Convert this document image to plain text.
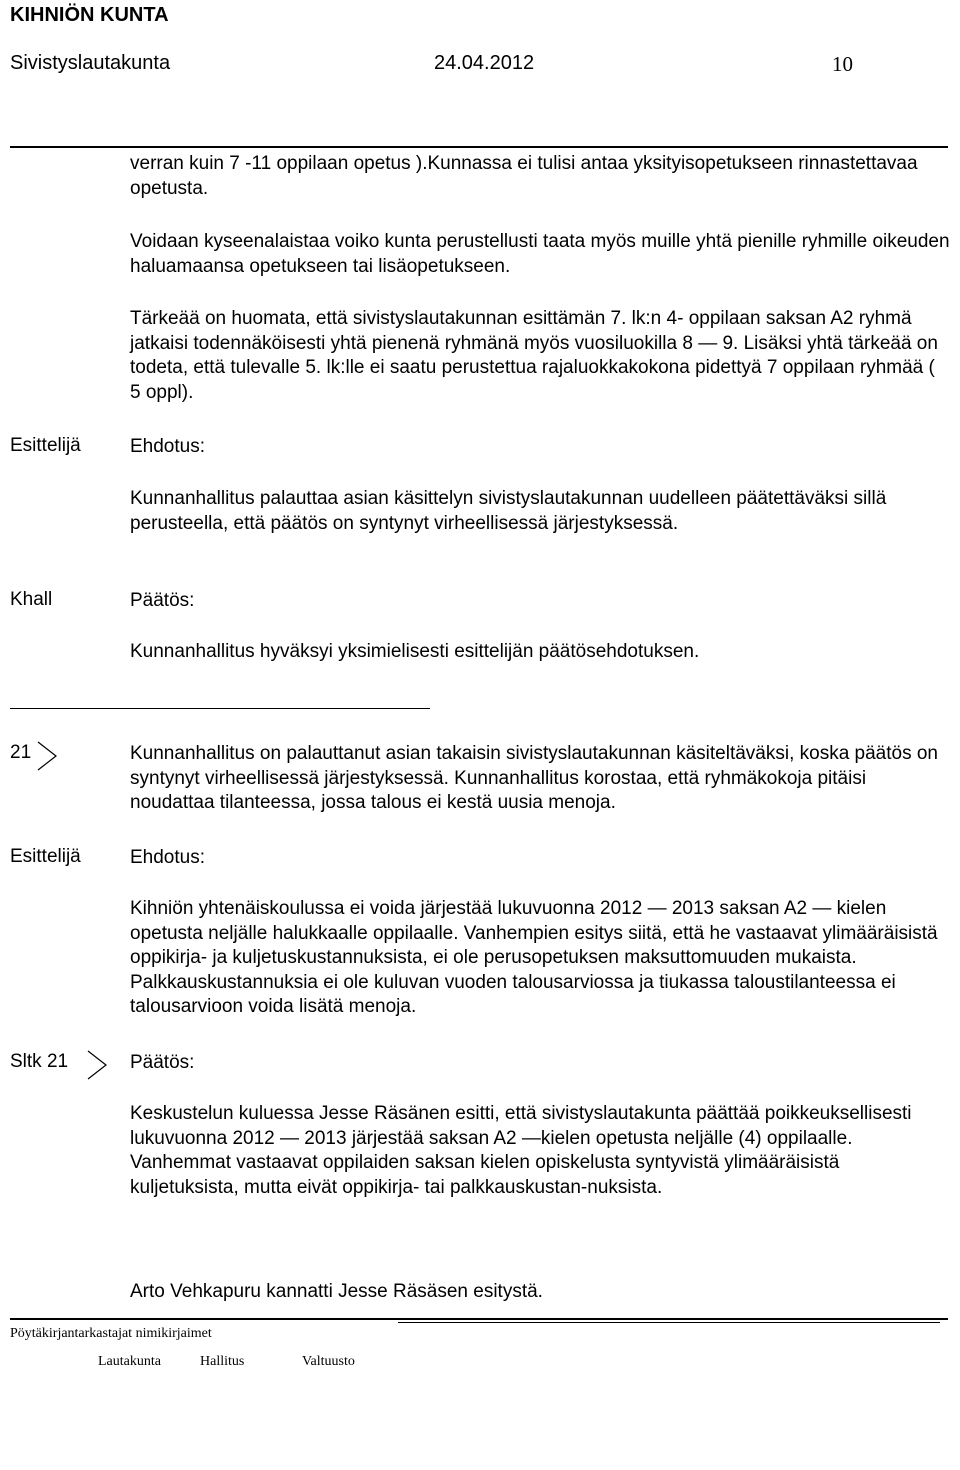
KIHNIÖN KUNTA
Sivistyslautakunta	24.04.2012	10
verran kuin 7 -11 oppilaan opetus ).Kunnassa ei tulisi antaa yksityisopetukseen rinnastettavaa opetusta.
Voidaan kyseenalaistaa voiko kunta perustellusti taata myös muille yhtä pienille ryhmille oikeuden haluamaansa opetukseen tai lisäopetukseen.
Tärkeää on huomata, että sivistyslautakunnan esittämän 7. lk:n 4- oppilaan saksan A2 ryhmä jatkaisi todennäköisesti yhtä pienenä ryhmänä myös vuosiluokilla 8 — 9. Lisäksi yhtä tärkeää on todeta, että tulevalle 5. lk:lle ei saatu perustettua rajaluokkakokona pidettyä 7 oppilaan ryhmää ( 5 oppl).
Esittelijä	Ehdotus:
Kunnanhallitus palauttaa asian käsittelyn sivistyslautakunnan uudelleen päätettäväksi sillä perusteella, että päätös on syntynyt virheellisessä järjestyksessä.
Khall	Päätös:
Kunnanhallitus hyväksyi yksimielisesti esittelijän päätösehdotuksen.
21	Kunnanhallitus on palauttanut asian takaisin sivistyslautakunnan käsiteltäväksi, koska päätös on syntynyt virheellisessä järjestyksessä. Kunnanhallitus korostaa, että ryhmäkokoja pitäisi noudattaa tilanteessa, jossa talous ei kestä uusia menoja.
Esittelijä	Ehdotus:
Kihniön yhtenäiskoulussa ei voida järjestää lukuvuonna 2012 — 2013 saksan A2 — kielen opetusta neljälle halukkaalle oppilaalle. Vanhempien esitys siitä, että he vastaavat ylimääräisistä oppikirja- ja kuljetuskustannuksista, ei ole perusopetuksen maksuttomuuden mukaista. Palkkauskustannuksia ei ole kuluvan vuoden talousarviossa ja tiukassa taloustilanteessa ei talousarvioon voida lisätä menoja.
Sltk 21	Päätös:
Keskustelun kuluessa Jesse Räsänen esitti, että sivistyslautakunta päättää poikkeuksellisesti lukuvuonna 2012 — 2013 järjestää saksan A2 —kielen opetusta neljälle (4) oppilaalle. Vanhemmat vastaavat oppilaiden saksan kielen opiskelusta syntyvistä ylimääräisistä kuljetuksista, mutta eivät oppikirja- tai palkkauskustan-nuksista.
Arto Vehkapuru kannatti Jesse Räsäsen esitystä.
Pöytäkirjantarkastajat nimikirjaimet
Lautakunta	Hallitus	Valtuusto
